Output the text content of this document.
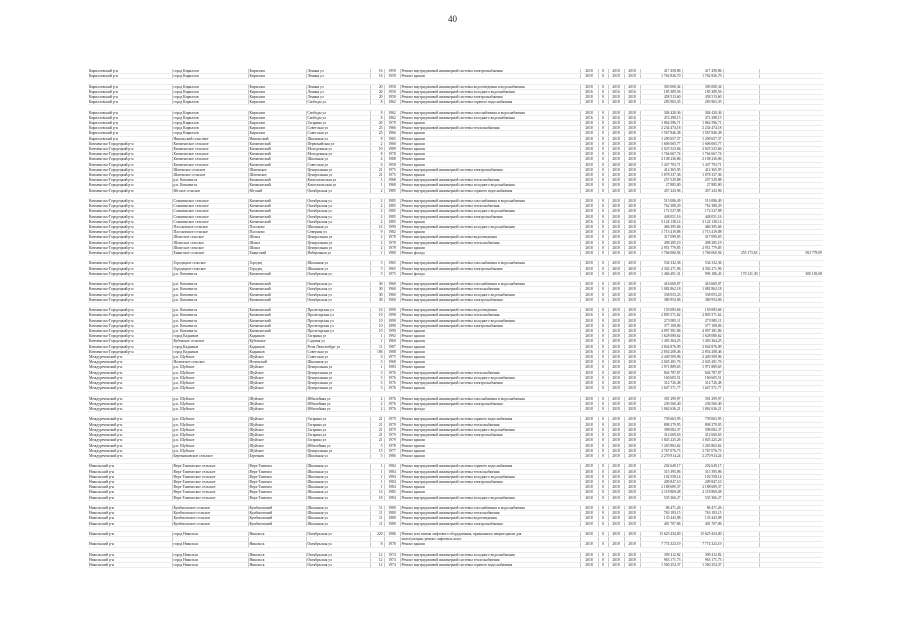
40
Кирилловский р-н	город Кириллов	Кириллов	Ленина ул	16	1959	Ремонт внутридомовой инженерной системы электроснабжения	2018	0	2018	2018	417 458,86	417 458,86		
Кирилловский р-н	город Кириллов	Кириллов	Ленина ул	16	1959	Ремонт крыши	2018	0	2018	2018	1 762 826,70	1 762 826,70		

Кирилловский р-н	город Кириллов	Кириллов	Ленина ул	20	1950	Ремонт внутридомовой инженерной системы водоотведения и водоснабжения	2018	0	2018	2018	305 000,34	305 000,34		
Кирилловский р-н	город Кириллов	Кириллов	Ленина ул	20	1950	Ремонт внутридомовой инженерной системы холодного водоснабжения	2016	0	2016	2016	185 389,56	185 389,56		
Кирилловский р-н	город Кириллов	Кириллов	Ленина ул	20	1950	Ремонт внутридомовой инженерной системы электроснабжения	2018	0	2018	2018	458 513,60	458 513,60		
Кирилловский р-н	город Кириллов	Кириллов	Свободы ул	8	1962	Ремонт внутридомовой инженерной системы горячего водоснабжения	2018	0	2018	2018	283 963,35	283 963,35		

Кирилловский р-н	город Кириллов	Кириллов	Свободы ул	8	1962	Ремонт внутридомовой инженерной системы газоснабжения и водоснабжения	2018	0	2018	2018	304 420,36	304 420,36		
Кирилловский р-н	город Кириллов	Кириллов	Свободы ул	8	1962	Ремонт внутридомовой инженерной системы холодного водоснабжения	2016	0	2016	2016	472 298,15	472 298,15		
Кирилловский р-н	город Кириллов	Кириллов	Гагарина ул	20	1979	Ремонт крыши	2018	0	2018	2018	1 864 596,71	1 864 596,71		
Кирилловский р-н	город Кириллов	Кириллов	Советская ул	25	1966	Ремонт внутридомовой инженерной системы теплоснабжения	2018	0	2018	2018	2 234 474,18	2 234 474,18		
Кирилловский р-н	город Кириллов	Кириллов	Советская ул	25	1966	Ремонт крыши	2018	0	2018	2018	1 567 846,38	1 567 846,38		
Кирилловский р-н	Никольский сельсовет	Никольский	Школьная ул	8	1965	Ремонт крыши	2018	0	2018	2018	1 209 657,37	1 209 657,37		
Кичменгско-Городецкий р-н	Кичменгское сельское	Кичменгский	Первомайская ул	2	1960	Ремонт крыши	2018	0	2018	2018	1 606 065,77	1 606 065,77		
Кичменгско-Городецкий р-н	Кичменгское сельское	Кичменгский	Молодежная ул	10	1989	Ремонт крыши	2018	0	2018	2018	2 025 523,66	2 025 523,66		
Кичменгско-Городецкий р-н	Кичменгское сельское	Кичменгский	Молодежная ул	8	1978	Ремонт крыши	2018	0	2018	2018	1 764 667,74	1 764 667,74		
Кичменгско-Городецкий р-н	Кичменгское сельское	Кичменгский	Школьная ул	4	1988	Ремонт крыши	2018	0	2018	2018	2 108 236,86	2 108 236,86		
Кичменгско-Городецкий р-н	Кичменгское сельское	Кичменгский	Советская ул	6	1958	Ремонт крыши	2018	0	2018	2018	1 437 793,71	1 437 793,71		
Кичменгско-Городецкий р-н	Шатенское сельское	Шатенское	Центральная ул	21	1975	Ремонт внутридомовой инженерной системы электроснабжения	2018	0	2018	2018	412 365,95	412 365,95		
Кичменгско-Городецкий р-н	Шатенское сельское	Шатенское	Центральная ул	21	1975	Ремонт крыши	2018	0	2018	2018	1 878 337,36	1 878 337,36		
Кичменгско-Городецкий р-н	р.п. Кичменгск	Кичменгский	Комсомольская ул	1	1968	Ремонт внутридомовой инженерной системы теплоснабжения	2018	0	2018	2018	257 529,88	257 529,88		
Кичменгско-Городецкий р-н	р.п. Кичменгск	Кичменгский	Комсомольская ул	1	1968	Ремонт внутридомовой инженерной системы холодного водоснабжения	2018	0	2018	2018	27 885,80	27 885,80		
Кичменгско-Городецкий р-н	Югское сельское	Югский	Октябрьская ул	2	1985	Ремонт внутридомовой инженерной системы горячего водоснабжения	2018	0	2018	2018	457 243,96	457 243,96		

Кичменгско-Городецкий р-н	Сомятинское сельское	Кичменгский	Октябрьская ул	2	1985	Ремонт внутридомовой инженерной системы газоснабжения и водоснабжения	2018	0	2018	2018	513 086,49	513 086,49		
Кичменгско-Городецкий р-н	Сомятинское сельское	Кичменгский	Октябрьская ул	2	1985	Ремонт внутридомовой инженерной системы теплоснабжения	2018	0	2018	2018	762 388,29	762 388,29		
Кичменгско-Городецкий р-н	Сомятинское сельское	Кичменгский	Октябрьская ул	2	1985	Ремонт внутридомовой инженерной системы холодного водоснабжения	2018	0	2018	2018	172 527,98	172 527,98		
Кичменгско-Городецкий р-н	Сомятинское сельское	Кичменгский	Октябрьская ул	2	1985	Ремонт внутридомовой инженерной системы электроснабжения	2018	0	2018	2018	448 051,16	448 051,16		
Кичменгско-Городецкий р-н	Сомятинское сельское	Кичменгский	Октябрьская ул	2	1985	Ремонт крыши	2016	0	2016	2016	3 124 138,14	3 124 138,14		
Кичменгско-Городецкий р-н	Плосковское сельское	Плосково	Школьная ул	14	1990	Ремонт внутридомовой инженерной системы холодного водоснабжения	2018	0	2018	2018	466 395,66	466 395,66		
Кичменгско-Городецкий р-н	Плосковское сельское	Плосково	Северная ул	9	1982	Ремонт крыши	2018	0	2018	2018	1 713 419,88	1 713 419,88		
Кичменгско-Городецкий р-н	Шонгское сельское	Шонга	Центральная ул	2	1978	Ремонт внутридомовой инженерной системы водоотведения	2018	0	2018	2018	317 099,05	317 099,05		
Кичменгско-Городецкий р-н	Шонгское сельское	Шонга	Центральная ул	2	1978	Ремонт внутридомовой инженерной системы теплоснабжения	2018	0	2018	2018	498 285,19	498 285,19		
Кичменгско-Городецкий р-н	Шонгское сельское	Шонга	Центральная ул	2	1978	Ремонт крыши	2018	0	2018	2018	2 951 779,85	2 951 779,85		
Кичменгско-Городецкий р-н	Енангское сельское	Енангский	Набережная ул	1	1980	Ремонт фасада	2018	0	2018	2018	1 766 060,94	1 766 060,94	255 173,63	563 778,09

Кичменгско-Городецкий р-н	Городецкое сельское	Городец	Школьная ул	5	1965	Ремонт внутридомовой инженерной системы газоснабжения и водоснабжения	2018	0	2018	2018	534 332,36	534 332,36		
Кичменгско-Городецкий р-н	Городецкое сельское	Городец	Школьная ул	5	1965	Ремонт внутридомовой инженерной системы электроснабжения	2018	0	2018	2018	4 302 271,96	4 302 271,96		
Кичменгско-Городецкий р-н	р.п. Кичменгск	Кичменгский	Октябрьская ул	5	1975	Ремонт фасада	2018	0	2018	2018	1 466 491,31	996 186,43	170 121,30	300 183,68

Кичменгско-Городецкий р-н	р.п. Кичменгск	Кичменгский	Октябрьская ул	30	1960	Ремонт внутридомовой инженерной системы газоснабжения и водоснабжения	2018	0	2018	2018	416 669,07	416 669,07		
Кичменгско-Городецкий р-н	р.п. Кичменгск	Кичменгский	Октябрьская ул	30	1960	Ремонт внутридомовой инженерной системы теплоснабжения	2018	0	2018	2018	1 082 862,18	1 082 862,18		
Кичменгско-Городецкий р-н	р.п. Кичменгск	Кичменгский	Октябрьская ул	30	1960	Ремонт внутридомовой инженерной системы холодного водоснабжения	2018	0	2018	2018	338 053,23	338 053,23		
Кичменгско-Городецкий р-н	р.п. Кичменгск	Кичменгский	Октябрьская ул	30	1960	Ремонт внутридомовой инженерной системы электроснабжения	2018	0	2018	2018	380 954,06	380 954,06		

Кичменгско-Городецкий р-н	р.п. Кичменгск	Кичменгский	Пролетарская ул	10	1990	Ремонт внутридомовой инженерной системы водоотведения	2018	0	2018	2018	159 083,66	159 083,66		
Кичменгско-Городецкий р-н	р.п. Кичменгск	Кичменгский	Пролетарская ул	10	1990	Ремонт внутридомовой инженерной системы теплоснабжения	2016	0	2016	2016	2 805 571,62	2 805 571,62		
Кичменгско-Городецкий р-н	р.п. Кичменгск	Кичменгский	Пролетарская ул	10	1990	Ремонт внутридомовой инженерной системы холодного водоснабжения	2018	0	2018	2018	273 985,11	273 985,11		
Кичменгско-Городецкий р-н	р.п. Кичменгск	Кичменгский	Пролетарская ул	10	1990	Ремонт внутридомовой инженерной системы электроснабжения	2018	0	2018	2018	377 108,06	377 108,06		
Кичменгско-Городецкий р-н	р.п. Кичменгск	Кичменгский	Пролетарская ул	10	1990	Ремонт крыши	2018	0	2018	2018	4 097 381,86	4 097 381,86		
Кичменгско-Городецкий р-н	город Кадников	Кадников	Гагарина ул	1	1992	Ремонт крыши	2018	0	2018	2018	1 628 080,62	1 628 080,62		
Кичменгско-Городецкий р-н	Кубенское сельское	Кубенское	Садовая ул	1	1960	Ремонт крыши	2018	0	2018	2018	1 403 364,25	1 403 364,25		
Кичменгско-Городецкий р-н	город Кадников	Кадников	Розы Люксембург ул	11	1987	Ремонт крыши	2018	0	2018	2018	2 844 876,09	2 844 876,09		
Кичменгско-Городецкий р-н	город Кадников	Кадников	Советская ул	106	1988	Ремонт крыши	2016	0	2016	2016	2 854 208,46	2 854 208,46		
Междуреченский р-н	р.п. Шуйское	Шуйское	Советская ул	6	1975	Ремонт крыши	2018	0	2018	2018	2 449 509,96	2 449 509,96		
Междуреченский р-н	Ноземское сельское	Ноземский	Школьная ул	3	1968	Ремонт крыши	2018	0	2018	2018	2 045 281,76	2 045 281,76		
Междуреченский р-н	р.п. Шуйское	Шуйское	Центральная ул	1	1983	Ремонт крыши	2018	0	2018	2018	1 971 889,65	1 971 889,65		
Междуреченский р-н	р.п. Шуйское	Шуйское	Центральная ул	3	1976	Ремонт внутридомовой инженерной системы теплоснабжения	2018	0	2018	2018	844 787,87	844 787,87		
Междуреченский р-н	р.п. Шуйское	Шуйское	Центральная ул	3	1976	Ремонт внутридомовой инженерной системы холодного водоснабжения	2018	0	2018	2018	160 605,51	160 605,51		
Междуреченский р-н	р.п. Шуйское	Шуйское	Центральная ул	3	1976	Ремонт внутридомовой инженерной системы электроснабжения	2018	0	2018	2018	314 726,48	314 726,48		
Междуреченский р-н	р.п. Шуйское	Шуйское	Центральная ул	3	1976	Ремонт крыши	2018	0	2018	2018	1 647 571,77	1 647 571,77		

Междуреченский р-н	р.п. Шуйское	Шуйское	Юбилейная ул	2	1976	Ремонт внутридомовой инженерной системы газоснабжения и водоснабжения	2018	0	2018	2018	391 299,97	391 299,97		
Междуреченский р-н	р.п. Шуйское	Шуйское	Юбилейная ул	2	1976	Ремонт внутридомовой инженерной системы электроснабжения	2018	0	2018	2018	236 560,40	236 560,40		
Междуреченский р-н	р.п. Шуйское	Шуйское	Юбилейная ул	2	1976	Ремонт фасада	2018	0	2018	2018	1 062 636,21	1 062 636,21		

Междуреченский р-н	р.п. Шуйское	Шуйское	Гагарина ул	21	1979	Ремонт внутридомовой инженерной системы горячего водоснабжения	2018	0	2018	2018	739 663,95	739 663,95		
Междуреченский р-н	р.п. Шуйское	Шуйское	Гагарина ул	21	1979	Ремонт внутридомовой инженерной системы теплоснабжения	2018	0	2018	2018	808 279,95	808 279,95		
Междуреченский р-н	р.п. Шуйское	Шуйское	Гагарина ул	21	1979	Ремонт внутридомовой инженерной системы холодного водоснабжения	2018	0	2018	2018	398 082,37	398 082,37		
Междуреченский р-н	р.п. Шуйское	Шуйское	Гагарина ул	21	1979	Ремонт внутридомовой инженерной системы электроснабжения	2018	0	2018	2018	312 669,63	312 669,63		
Междуреченский р-н	р.п. Шуйское	Шуйское	Гагарина ул	21	1979	Ремонт крыши	2018	0	2018	2018	1 845 225,26	1 845 225,26		
Междуреченский р-н	р.п. Шуйское	Шуйское	Юбилейная ул	5	1978	Ремонт крыши	2018	0	2018	2018	1 265 863,62	1 265 863,62		
Междуреченский р-н	р.п. Шуйское	Шуйское	Центральная ул	15	1977	Ремонт крыши	2018	0	2018	2018	2 767 076,73	2 767 076,73		
Междуреченский р-н	Березниковское сельское	Березник	Школьная ул	5	1986	Ремонт крыши	2018	0	2018	2018	2 270 914,24	2 270 914,24		

Никольский р-н	Верх-Тименгское сельское	Верх-Тименга	Школьная ул	1	1984	Ремонт внутридомовой инженерной системы горячего водоснабжения	2018	0	2018	2018	202 649,17	202 649,17		
Никольский р-н	Верх-Тименгское сельское	Верх-Тименга	Школьная ул	1	1984	Ремонт внутридомовой инженерной системы теплоснабжения	2018	0	2018	2018	315 395,86	315 395,86		
Никольский р-н	Верх-Тименгское сельское	Верх-Тименга	Школьная ул	1	1984	Ремонт внутридомовой инженерной системы холодного водоснабжения	2018	0	2018	2018	102 558,14	102 558,14		
Никольский р-н	Верх-Тименгское сельское	Верх-Тименга	Школьная ул	1	1984	Ремонт внутридомовой инженерной системы электроснабжения	2018	0	2018	2018	209 847,10	209 847,10		
Никольский р-н	Верх-Тименгское сельское	Верх-Тименга	Школьная ул	1	1984	Ремонт крыши	2018	0	2018	2018	2 188 689,37	2 188 689,37		
Никольский р-н	Верх-Тименгское сельское	Верх-Тименга	Школьная ул	14	1985	Ремонт крыши	2018	0	2018	2018	2 118 869,48	2 118 869,48		
Никольский р-н	Верх-Тименгское сельское	Верх-Тименга	Школьная ул	18	1984	Ремонт внутридомовой инженерной системы холодного водоснабжения	2018	0	2018	2018	535 366,27	535 366,27		

Никольский р-н	Кумбисовское сельское	Кумбисовский	Школьная ул	11	1980	Ремонт внутридомовой инженерной системы газоснабжения и водоснабжения	2018	0	2018	2018	86 471,26	86 471,26		
Никольский р-н	Кумбисовское сельское	Кумбисовский	Школьная ул	11	1980	Ремонт внутридомовой инженерной системы теплоснабжения	2018	0	2018	2018	763 183,15	763 183,15		
Никольский р-н	Кумбисовское сельское	Кумбисовский	Школьная ул	11	1980	Ремонт внутридомовой инженерной системы водоотведения	2018	0	2018	2018	135 443,98	135 443,98		
Никольский р-н	Кумбисовское сельское	Кумбисовский	Школьная ул	11	1980	Ремонт внутридомовой инженерной системы электроснабжения	2018	0	2018	2018	401 707,86	401 707,86		

Никольский р-н	город Никольск	Никольск	Октябрьская ул	220	1986	Ремонт или замена лифтового оборудования, признанного непригодным для	2018	0	2018	2018	15 625 434,00	15 625 434,00		
						эксплуатации, ремонт лифтовых шахт								
Никольский р-н	город Никольск	Никольск	Октябрьская ул	8	1978	Ремонт крыши	2018	0	2018	2018	7 774 323,19	7 774 323,19		

Никольский р-н	город Никольск	Никольск	Октябрьская ул	12	1974	Ремонт внутридомовой инженерной системы холодного водоснабжения	2018	0	2018	2018	309 412,82	309 412,82		
Никольский р-н	город Никольск	Никольск	Октябрьская ул	12	1974	Ремонт внутридомовой инженерной системы теплоснабжения	2018	0	2018	2018	963 171,73	963 171,73		
Никольский р-н	город Никольск	Никольск	Октябрьская ул	12	1974	Ремонт внутридомовой инженерной системы горячего водоснабжения	2018	0	2018	2018	1 560 254,37	1 560 254,37		
